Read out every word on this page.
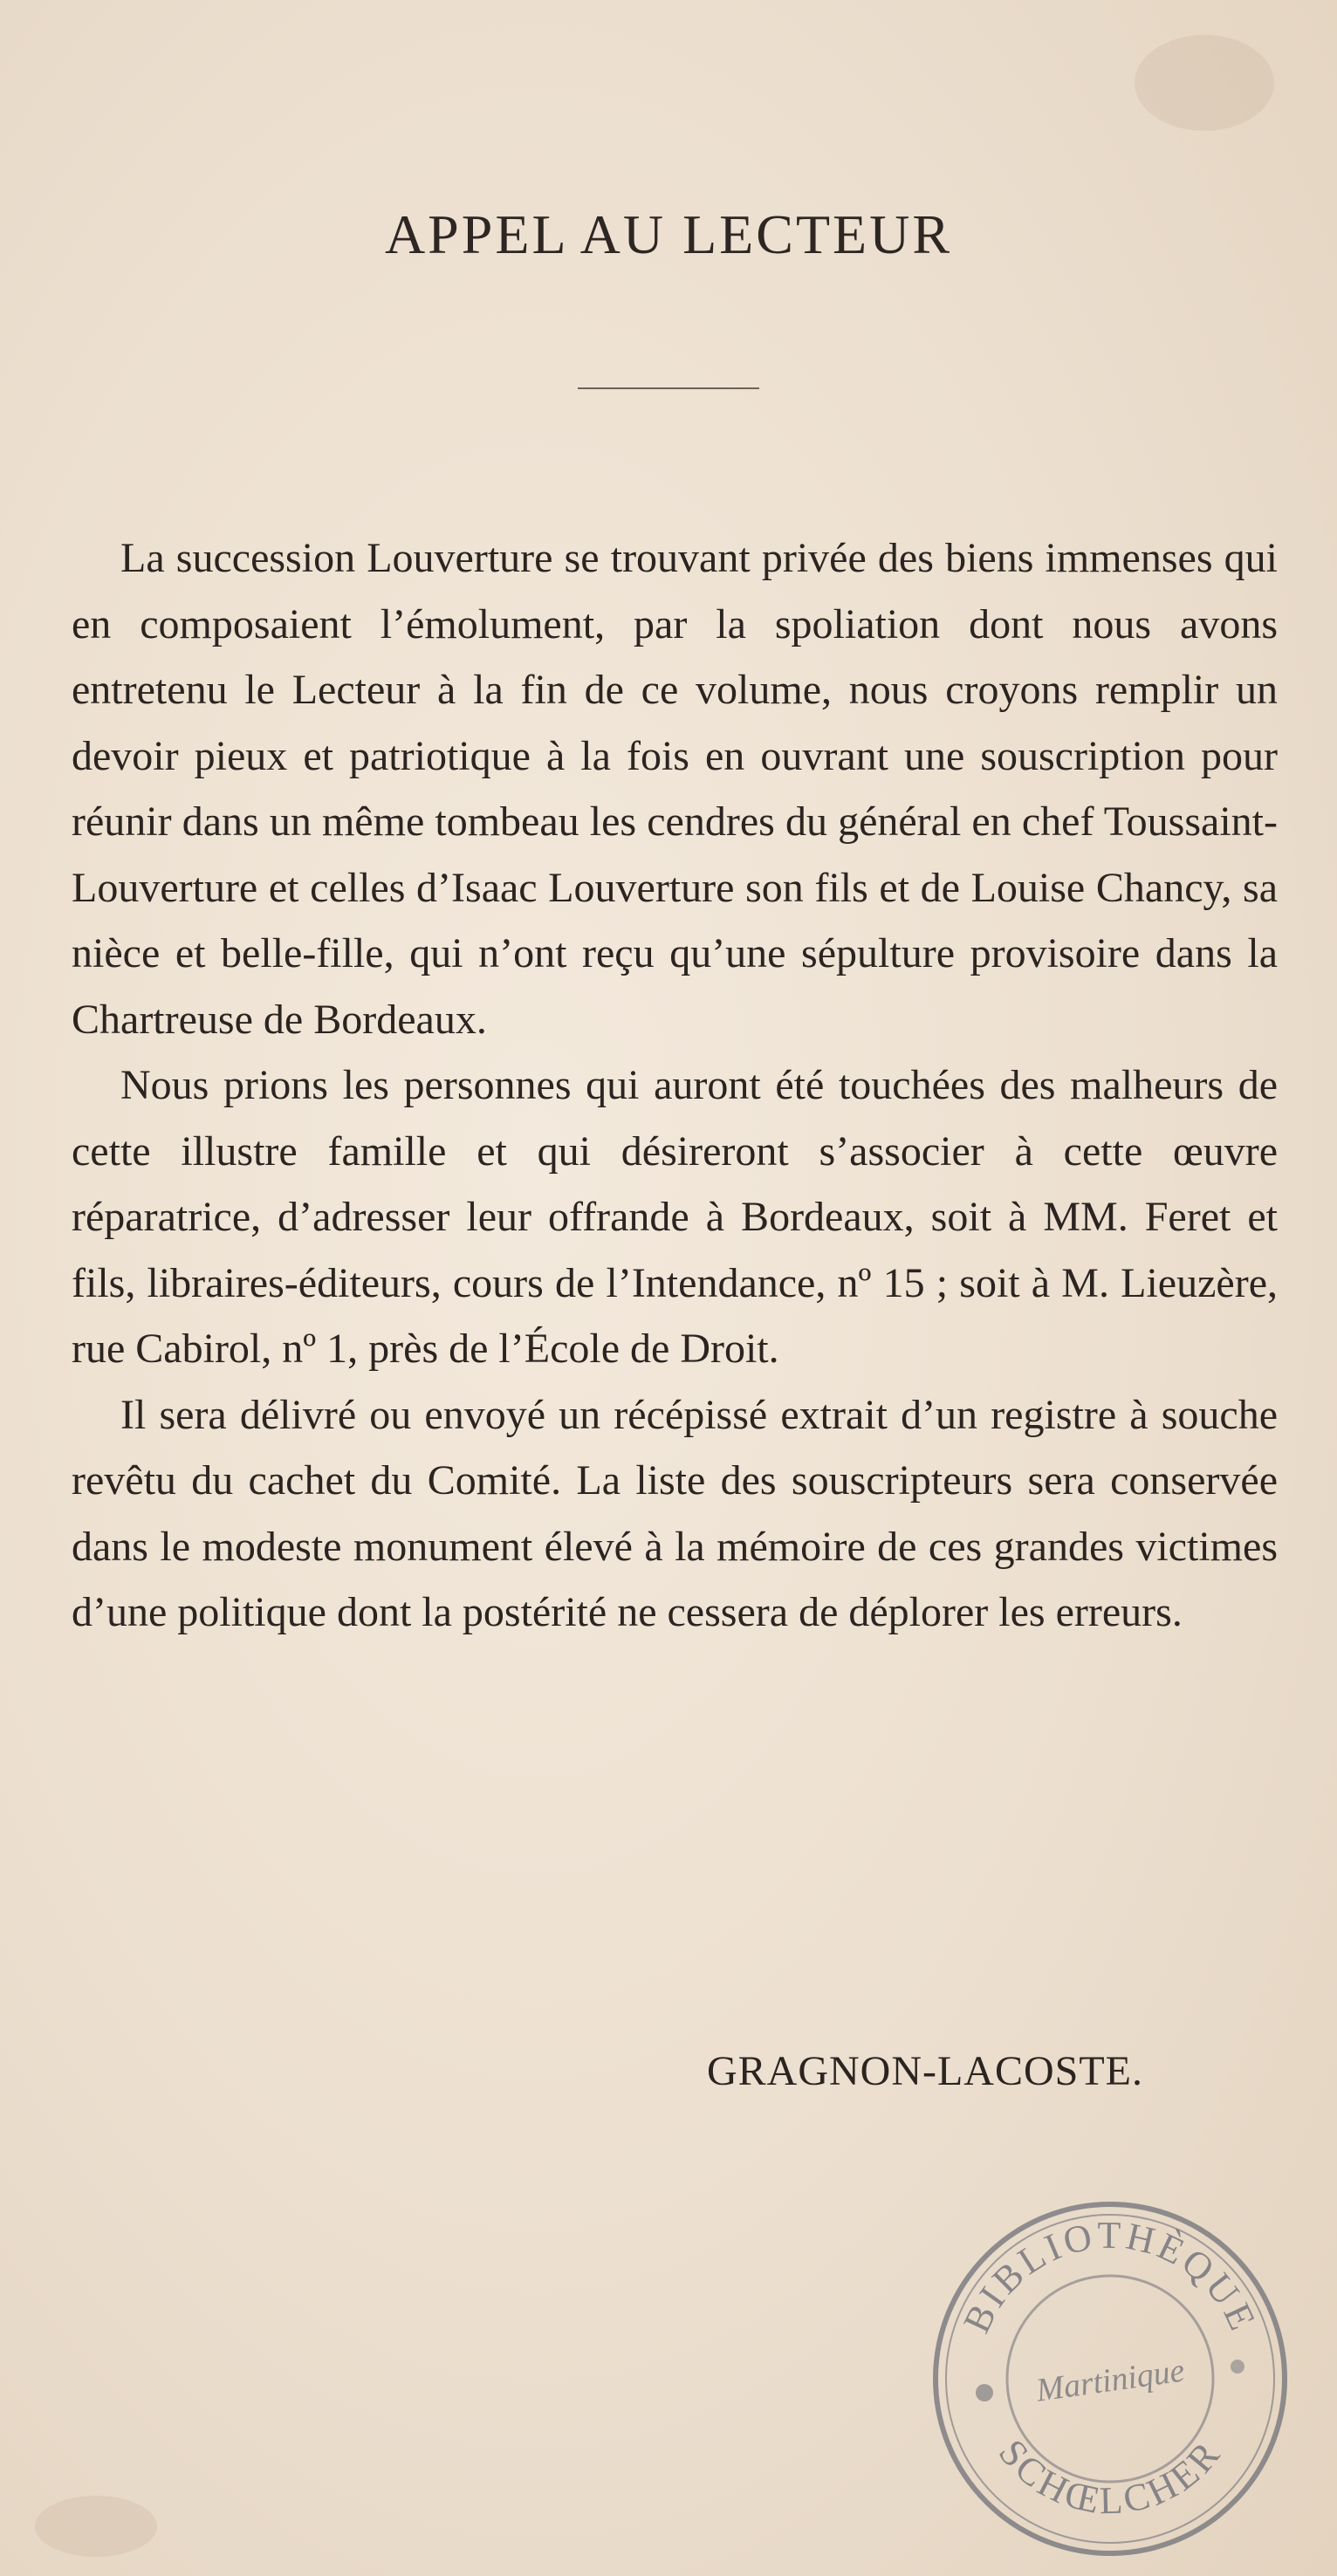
APPEL AU LECTEUR

La succession Louverture se trouvant privée des biens immenses qui en composaient l’émolument, par la spoliation dont nous avons entretenu le Lecteur à la fin de ce volume, nous croyons remplir un devoir pieux et patriotique à la fois en ouvrant une souscription pour réunir dans un même tombeau les cendres du général en chef Toussaint-Louverture et celles d’Isaac Louverture son fils et de Louise Chancy, sa nièce et belle-fille, qui n’ont reçu qu’une sépulture provisoire dans la Chartreuse de Bordeaux.

Nous prions les personnes qui auront été touchées des malheurs de cette illustre famille et qui désireront s’associer à cette œuvre réparatrice, d’adresser leur offrande à Bordeaux, soit à MM. Feret et fils, libraires-éditeurs, cours de l’Intendance, nº 15 ; soit à M. Lieuzère, rue Cabirol, nº 1, près de l’École de Droit.

Il sera délivré ou envoyé un récépissé extrait d’un registre à souche revêtu du cachet du Comité. La liste des souscripteurs sera conservée dans le modeste monument élevé à la mémoire de ces grandes victimes d’une politique dont la postérité ne cessera de déplorer les erreurs.

GRAGNON-LACOSTE.

BIBLIOTHÈQUE
SCHŒLCHER
Martinique
